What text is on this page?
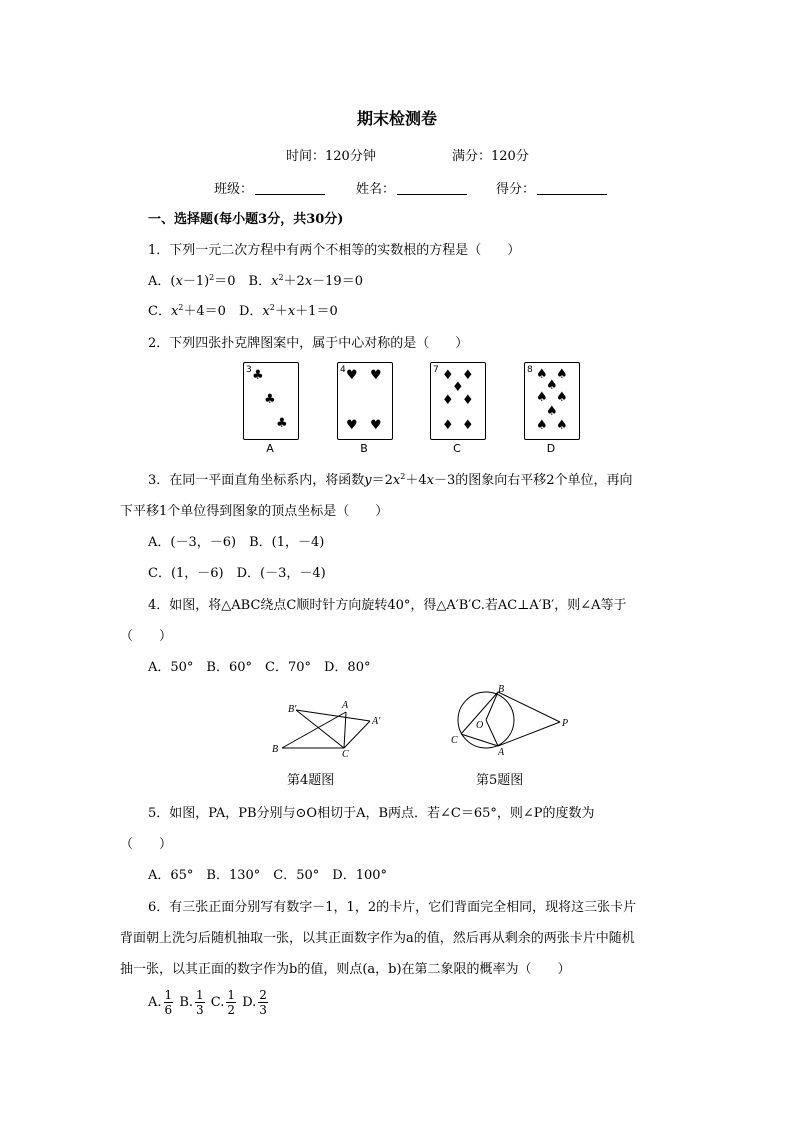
期末检测卷
时间：120分钟	满分：120分
班级：	姓名：	得分：
一、选择题(每小题3分，共30分)
1．下列一元二次方程中有两个不相等的实数根的方程是（　　）
A．$(x-1)^2=0$　B．$x^2+2x-19=0$
C．$x^2+4=0$　D．$x^2+x+1=0$
2．下列四张扑克牌图案中，属于中心对称的是（　　）
3 ♣
♣
♣
A
4 ♥ ♥
♥ ♥
B
7 ♦ ♦
♦
♦ ♦
♦ ♦
C
8 ♠ ♠
♠
♠ ♠
♠
♠ ♠
D
3．在同一平面直角坐标系内，将函数$y=2x^2+4x-3$的图象向右平移2个单位，再向
下平移1个单位得到图象的顶点坐标是（　　）
A．(－3，－6)　B．(1，－4)
C．(1，－6)　D．(－3，－4)
4．如图，将△ABC绕点C顺时针方向旋转40°，得△A′B′C.若AC⊥A′B′，则∠A等于
（　　）
A．50°　B．60°　C．70°　D．80°
B′	A
A′
B	C
第4题图
B
O	P
C
A
第5题图
5．如图，PA，PB分别与⊙O相切于A，B两点．若∠C＝65°，则∠P的度数为
（　　）
A．65°　B．130°　C．50°　D．100°
6．有三张正面分别写有数字－1，1，2的卡片，它们背面完全相同，现将这三张卡片
背面朝上洗匀后随机抽取一张，以其正面数字作为a的值，然后再从剩余的两张卡片中随机
抽一张，以其正面的数字作为b的值，则点(a，b)在第二象限的概率为（　　）
A. $\frac{1}{6} B$. $\frac{1}{3} C$. $\frac{1}{2} D$. $\frac{2}{3}$
